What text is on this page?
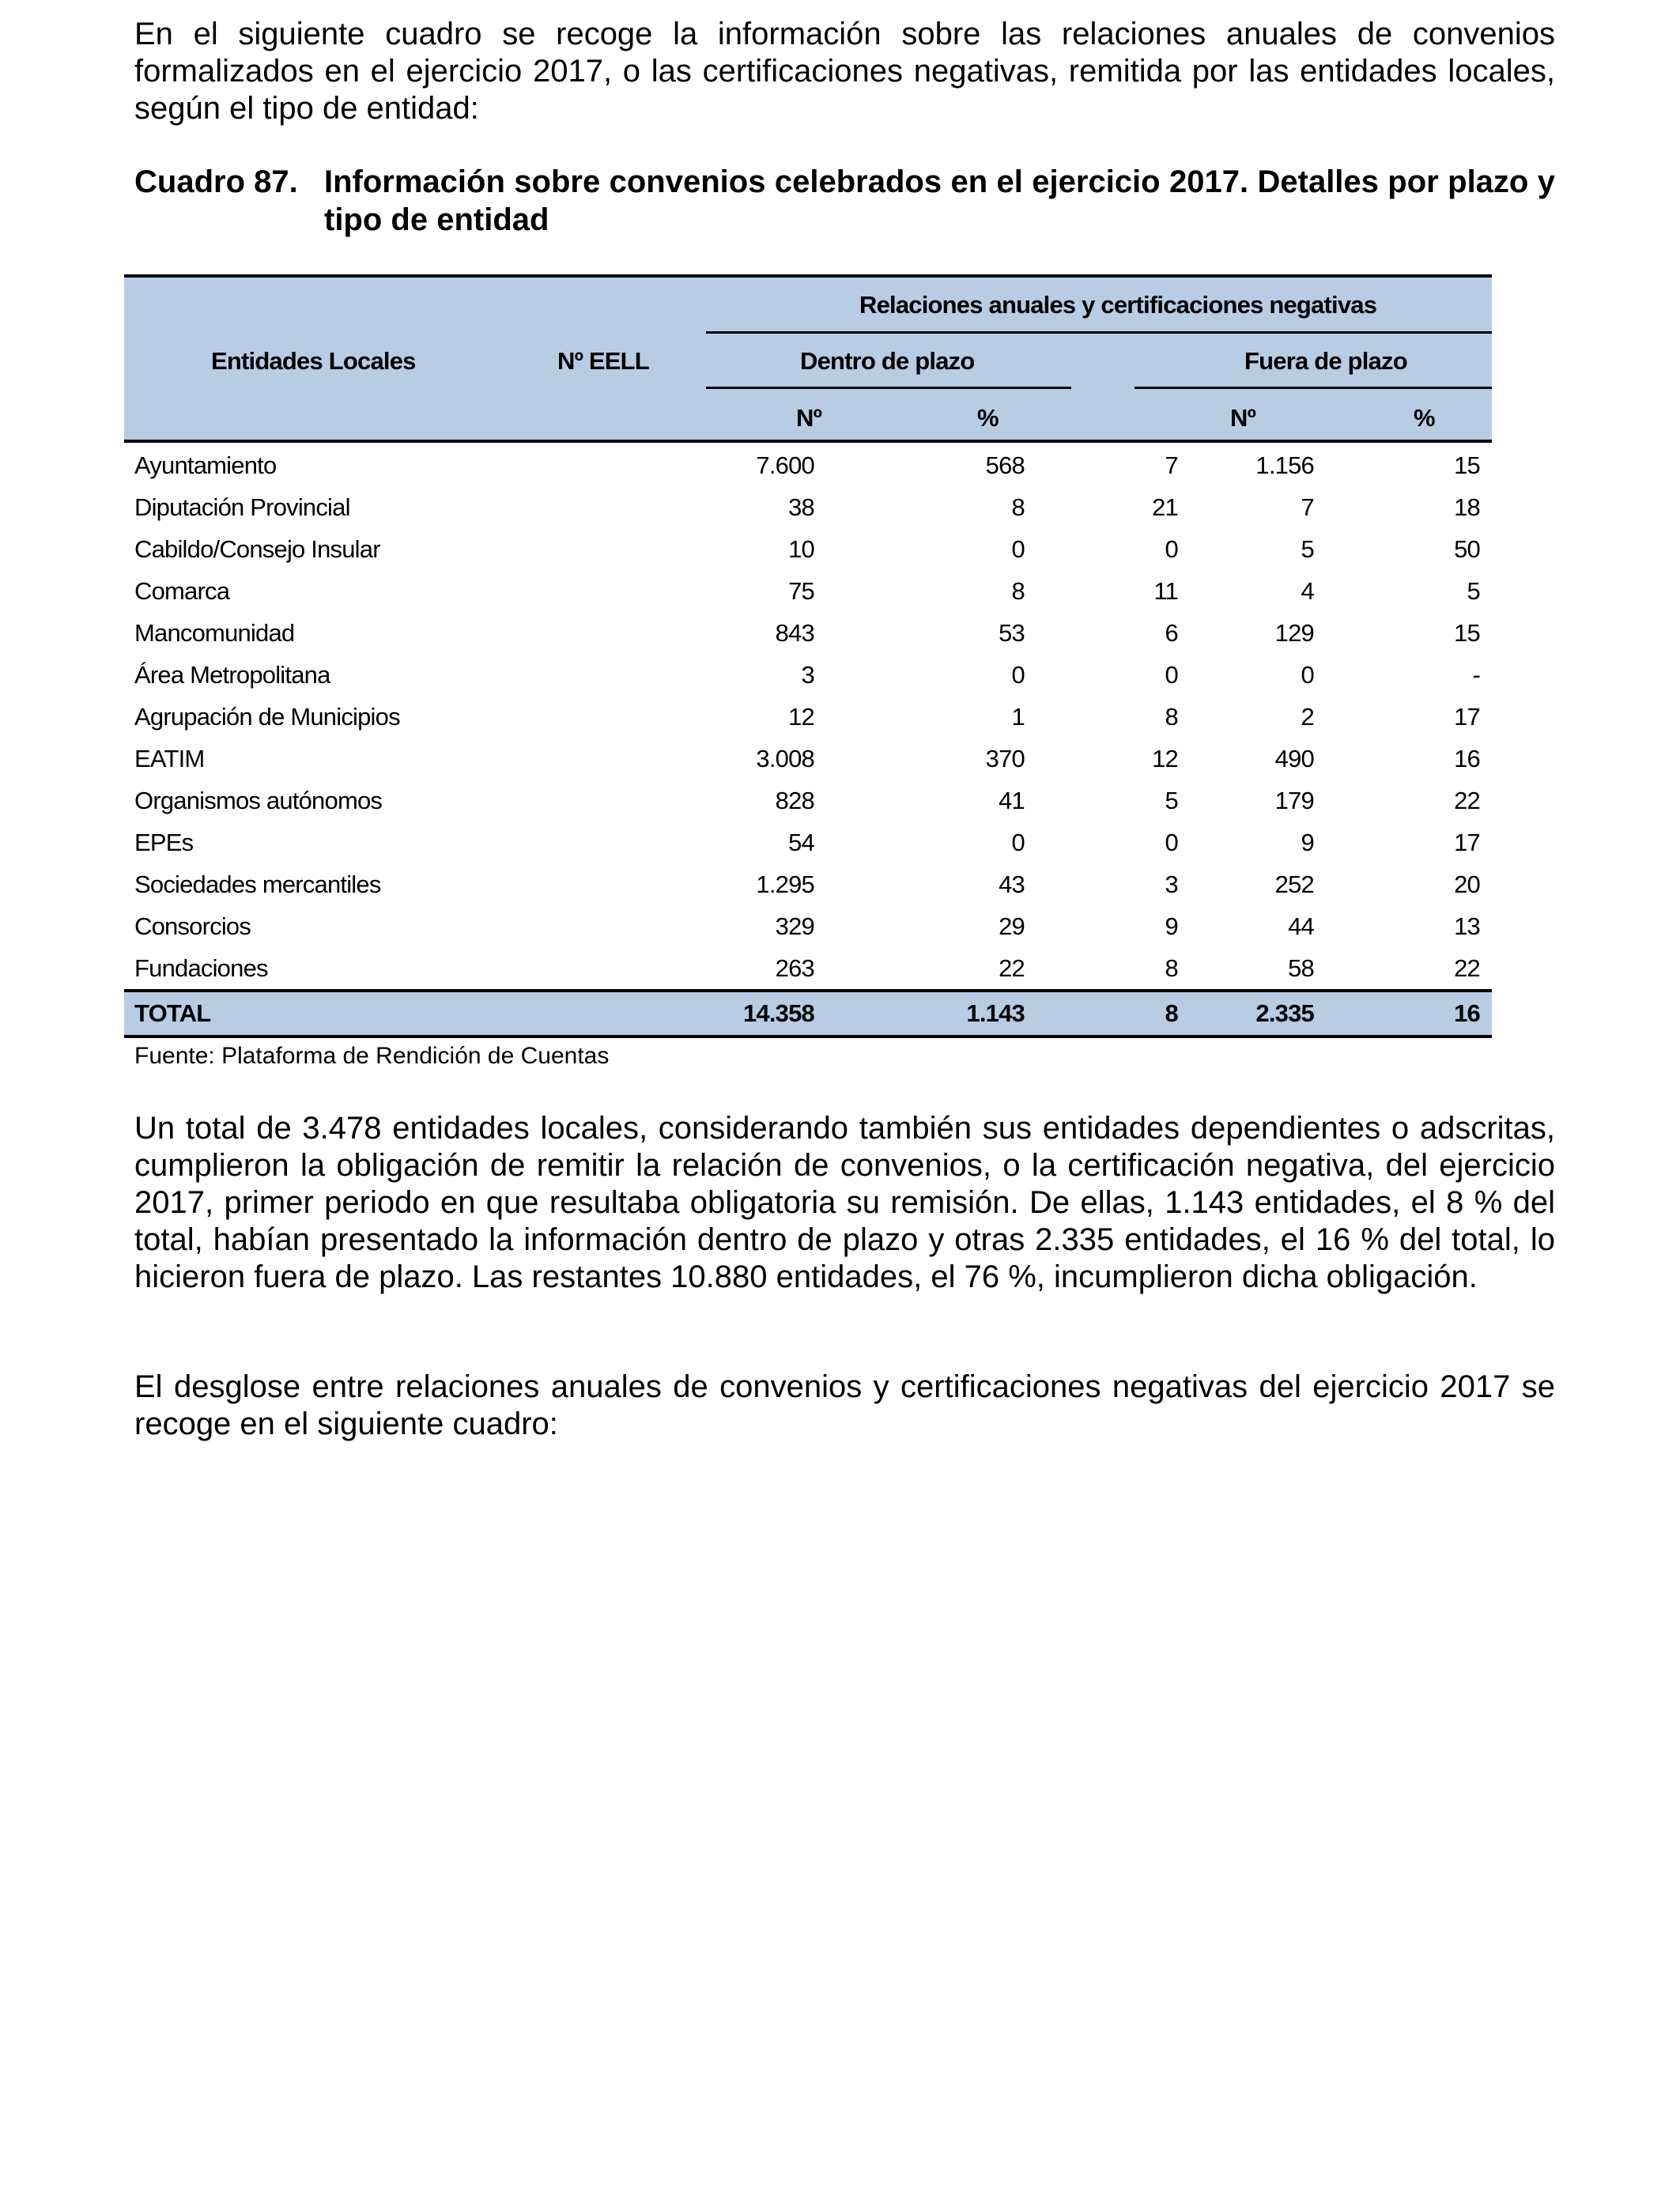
En el siguiente cuadro se recoge la información sobre las relaciones anuales de convenios formalizados en el ejercicio 2017, o las certificaciones negativas, remitida por las entidades locales, según el tipo de entidad:

Cuadro 87. Información sobre convenios celebrados en el ejercicio 2017. Detalles por plazo y tipo de entidad
Entidades Locales	Nº EELL
Relaciones anuales y certificaciones negativas
Dentro de plazo	Fuera de plazo
Nº	%	Nº	%
Ayuntamiento	7.600	568	7	1.156	15
Diputación Provincial	38	8	21	7	18
Cabildo/Consejo Insular	10	0	0	5	50
Comarca	75	8	11	4	5
Mancomunidad	843	53	6	129	15
Área Metropolitana	3	0	0	0	-
Agrupación de Municipios	12	1	8	2	17
EATIM	3.008	370	12	490	16
Organismos autónomos	828	41	5	179	22
EPEs	54	0	0	9	17
Sociedades mercantiles	1.295	43	3	252	20
Consorcios	329	29	9	44	13
Fundaciones	263	22	8	58	22
TOTAL	14.358	1.143	8	2.335	16
Fuente: Plataforma de Rendición de Cuentas

Un total de 3.478 entidades locales, considerando también sus entidades dependientes o adscritas, cumplieron la obligación de remitir la relación de convenios, o la certificación negativa, del ejercicio 2017, primer periodo en que resultaba obligatoria su remisión. De ellas, 1.143 entidades, el 8 % del total, habían presentado la información dentro de plazo y otras 2.335 entidades, el 16 % del total, lo hicieron fuera de plazo. Las restantes 10.880 entidades, el 76 %, incumplieron dicha obligación.

El desglose entre relaciones anuales de convenios y certificaciones negativas del ejercicio 2017 se recoge en el siguiente cuadro:
